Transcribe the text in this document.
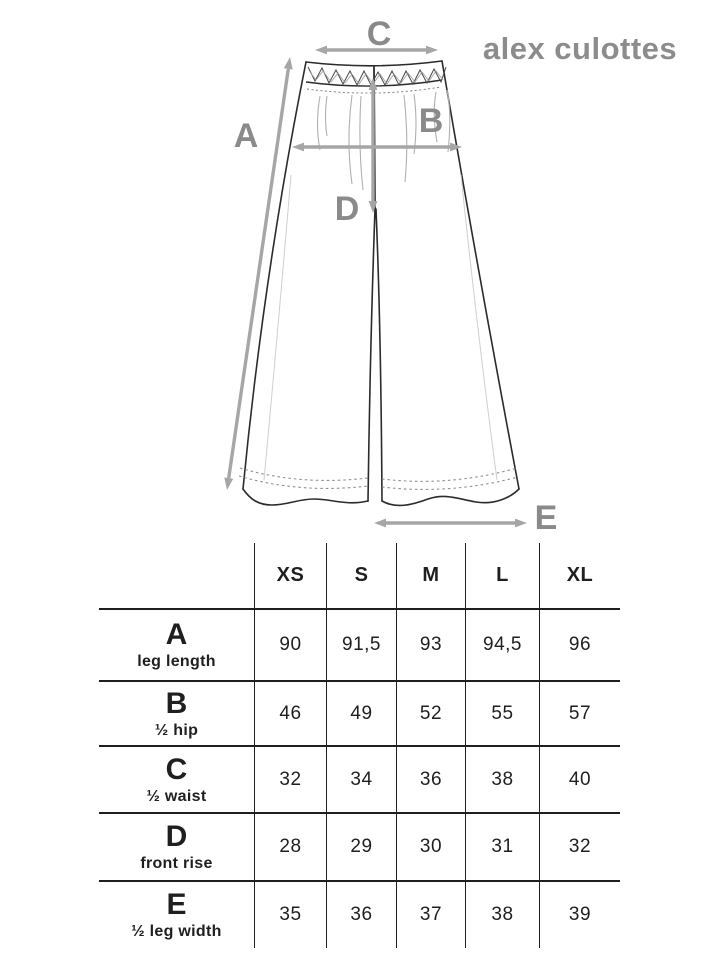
alex culottes
C
A	B
D
E
XS	S	M	L	XL
A
leg length
90	91,5	93	94,5	96
B
½ hip
46	49	52	55	57
C
½ waist
32	34	36	38	40
D
front rise
28	29	30	31	32
E
½ leg width
35	36	37	38	39
